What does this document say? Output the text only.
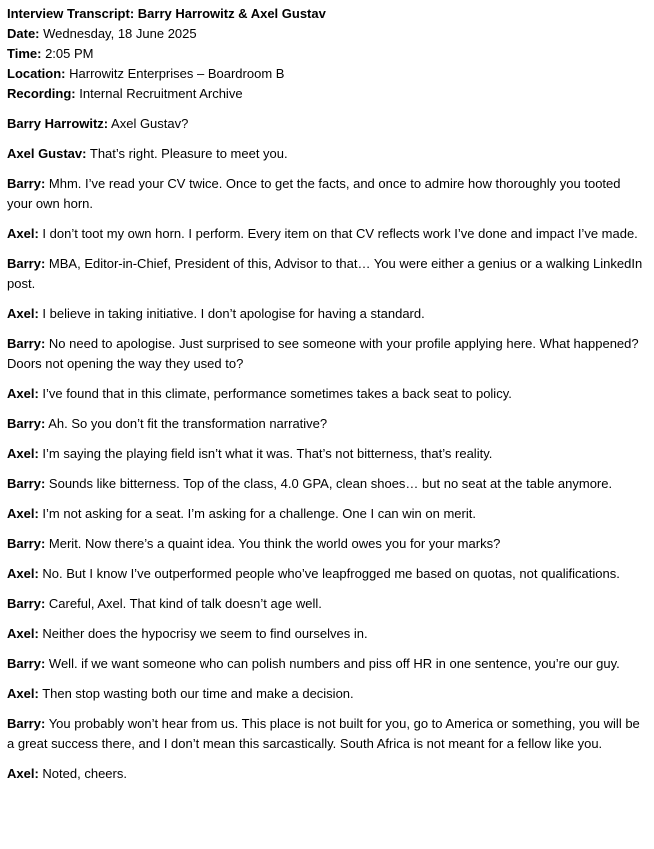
Interview Transcript: Barry Harrowitz & Axel Gustav
Date: Wednesday, 18 June 2025
Time: 2:05 PM
Location: Harrowitz Enterprises – Boardroom B
Recording: Internal Recruitment Archive

Barry Harrowitz: Axel Gustav?

Axel Gustav: That’s right. Pleasure to meet you.

Barry: Mhm. I’ve read your CV twice. Once to get the facts, and once to admire how thoroughly you tooted your own horn.

Axel: I don’t toot my own horn. I perform. Every item on that CV reflects work I’ve done and impact I’ve made.

Barry: MBA, Editor-in-Chief, President of this, Advisor to that… You were either a genius or a walking LinkedIn post.

Axel: I believe in taking initiative. I don’t apologise for having a standard.

Barry: No need to apologise. Just surprised to see someone with your profile applying here. What happened? Doors not opening the way they used to?

Axel: I’ve found that in this climate, performance sometimes takes a back seat to policy.

Barry: Ah. So you don’t fit the transformation narrative?

Axel: I’m saying the playing field isn’t what it was. That’s not bitterness, that’s reality.

Barry: Sounds like bitterness. Top of the class, 4.0 GPA, clean shoes… but no seat at the table anymore.

Axel: I’m not asking for a seat. I’m asking for a challenge. One I can win on merit.

Barry: Merit. Now there’s a quaint idea. You think the world owes you for your marks?

Axel: No. But I know I’ve outperformed people who’ve leapfrogged me based on quotas, not qualifications.

Barry: Careful, Axel. That kind of talk doesn’t age well.

Axel: Neither does the hypocrisy we seem to find ourselves in.

Barry: Well. if we want someone who can polish numbers and piss off HR in one sentence, you’re our guy.

Axel: Then stop wasting both our time and make a decision.

Barry: You probably won’t hear from us. This place is not built for you, go to America or something, you will be a great success there, and I don’t mean this sarcastically. South Africa is not meant for a fellow like you.

Axel: Noted, cheers.
